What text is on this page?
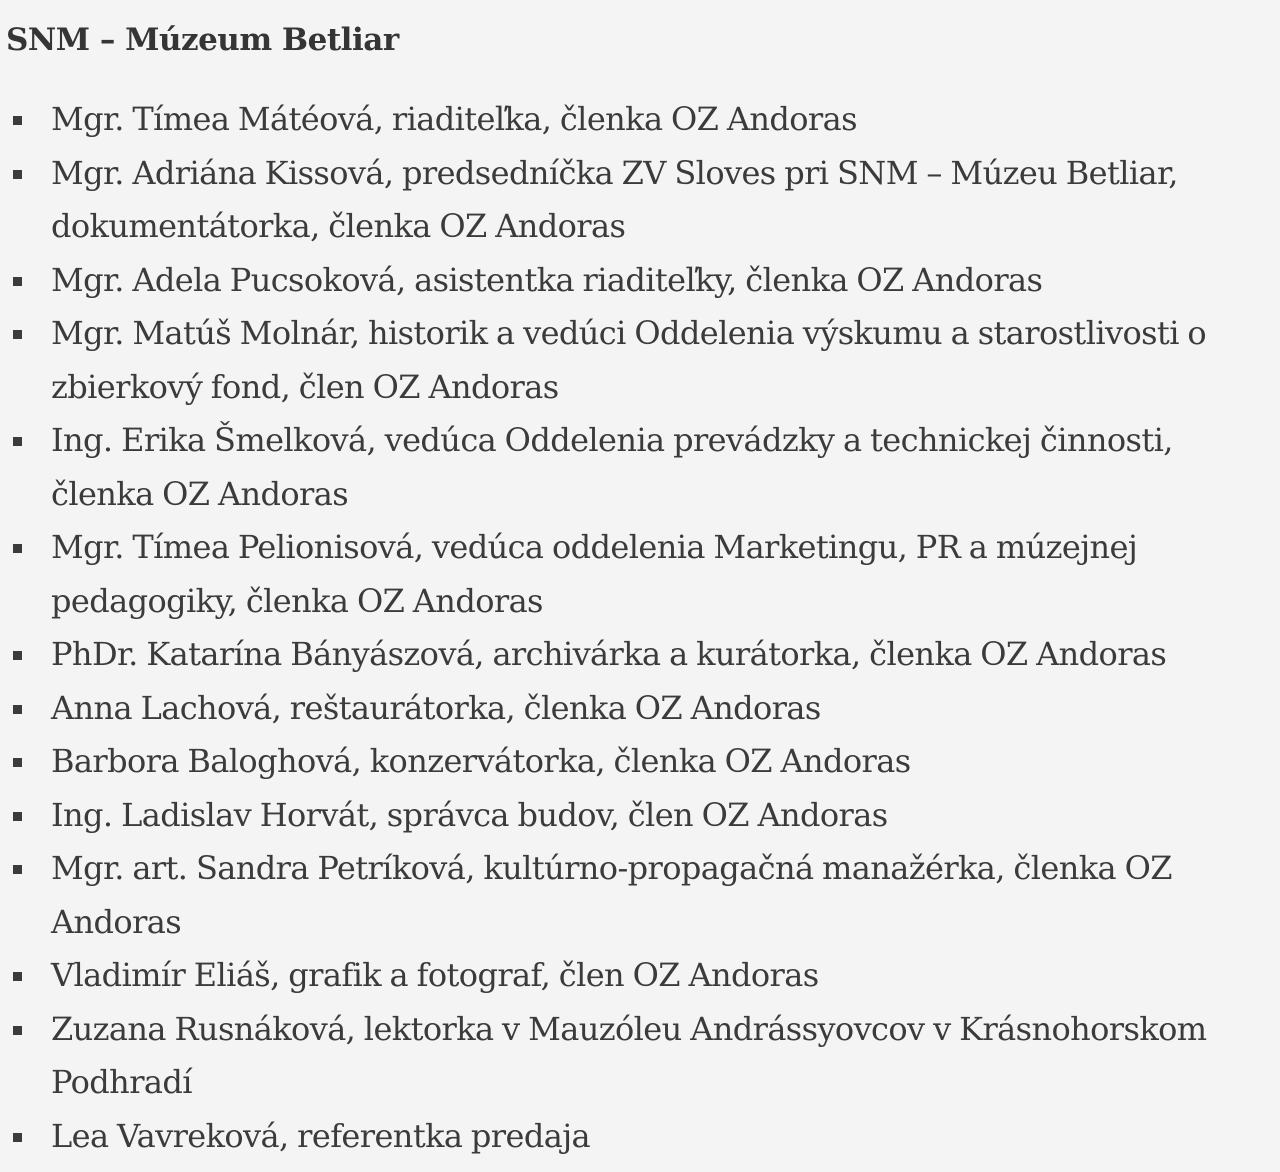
SNM – Múzeum Betliar
Mgr. Tímea Mátéová, riaditeľka, členka OZ Andoras
Mgr. Adriána Kissová, predsedníčka ZV Sloves pri SNM – Múzeu Betliar, dokumentátorka, členka OZ Andoras
Mgr. Adela Pucsoková, asistentka riaditeľky, členka OZ Andoras
Mgr. Matúš Molnár, historik a vedúci Oddelenia výskumu a starostlivosti o zbierkový fond, člen OZ Andoras
Ing. Erika Šmelková, vedúca Oddelenia prevádzky a technickej činnosti, členka OZ Andoras
Mgr. Tímea Pelionisová, vedúca oddelenia Marketingu, PR a múzejnej pedagogiky, členka OZ Andoras
PhDr. Katarína Bányászová, archivárka a kurátorka, členka OZ Andoras
Anna Lachová, reštaurátorka, členka OZ Andoras
Barbora Baloghová, konzervátorka, členka OZ Andoras
Ing. Ladislav Horvát, správca budov, člen OZ Andoras
Mgr. art. Sandra Petríková, kultúrno-propagačná manažérka, členka OZ Andoras
Vladimír Eliáš, grafik a fotograf, člen OZ Andoras
Zuzana Rusnáková, lektorka v Mauzóleu Andrássyovcov v Krásnohorskom Podhradí
Lea Vavreková, referentka predaja
